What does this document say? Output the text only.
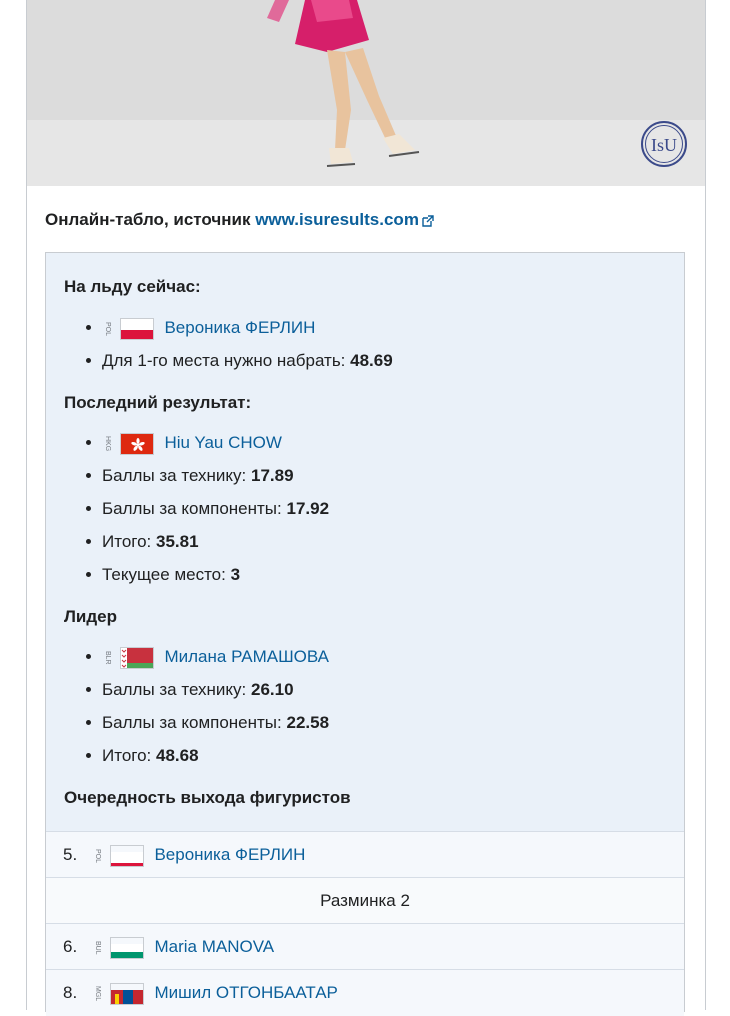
IsU
Онлайн-табло, источник www.isuresults.com
На льду сейчас:
POL	Вероника ФЕРЛИН
Для 1-го места нужно набрать: 48.69
Последний результат:
HKG	Hiu Yau CHOW
Баллы за технику: 17.89
Баллы за компоненты: 17.92
Итого: 35.81
Текущее место: 3
Лидер
BLR	Милана РАМАШОВА
Баллы за технику: 26.10
Баллы за компоненты: 22.58
Итого: 48.68
Очередность выхода фигуристов
5. POL	Вероника ФЕРЛИН
Разминка 2
6. BUL	Maria MANOVA
8. MGL	Мишил ОТГОНБААТАР
